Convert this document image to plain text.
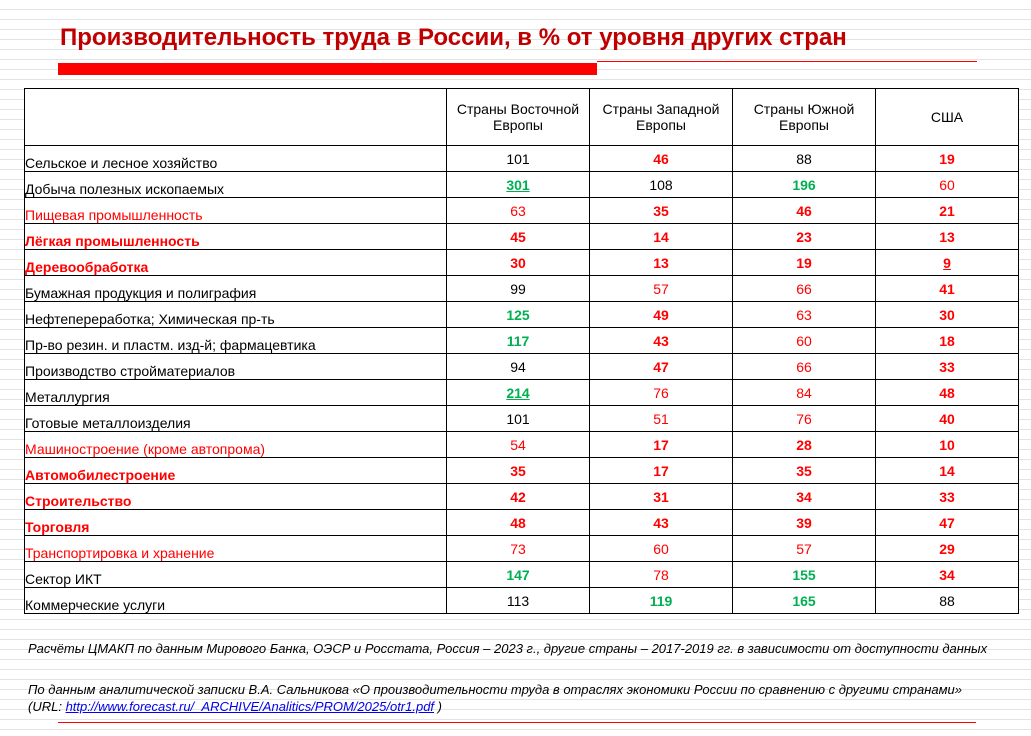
Производительность труда в России, в % от уровня других стран
	Страны Восточной Европы	Страны Западной Европы	Страны Южной Европы	США
Сельское и лесное хозяйство	101	46	88	19
Добыча полезных ископаемых	301	108	196	60
Пищевая промышленность	63	35	46	21
Лёгкая промышленность	45	14	23	13
Деревообработка	30	13	19	9
Бумажная продукция и полиграфия	99	57	66	41
Нефтепереработка; Химическая пр-ть	125	49	63	30
Пр-во резин. и пластм. изд-й; фармацевтика	117	43	60	18
Производство стройматериалов	94	47	66	33
Металлургия	214	76	84	48
Готовые металлоизделия	101	51	76	40
Машиностроение (кроме автопрома)	54	17	28	10
Автомобилестроение	35	17	35	14
Строительство	42	31	34	33
Торговля	48	43	39	47
Транспортировка и хранение	73	60	57	29
Сектор ИКТ	147	78	155	34
Коммерческие услуги	113	119	165	88
Расчёты ЦМАКП по данным Мирового Банка, ОЭСР и Росстата, Россия – 2023 г., другие страны – 2017-2019 гг. в зависимости от доступности данных
По данным аналитической записки В.А. Сальникова «О производительности труда в отраслях экономики России по сравнению с другими странами» (URL: http://www.forecast.ru/_ARCHIVE/Analitics/PROM/2025/otr1.pdf )
